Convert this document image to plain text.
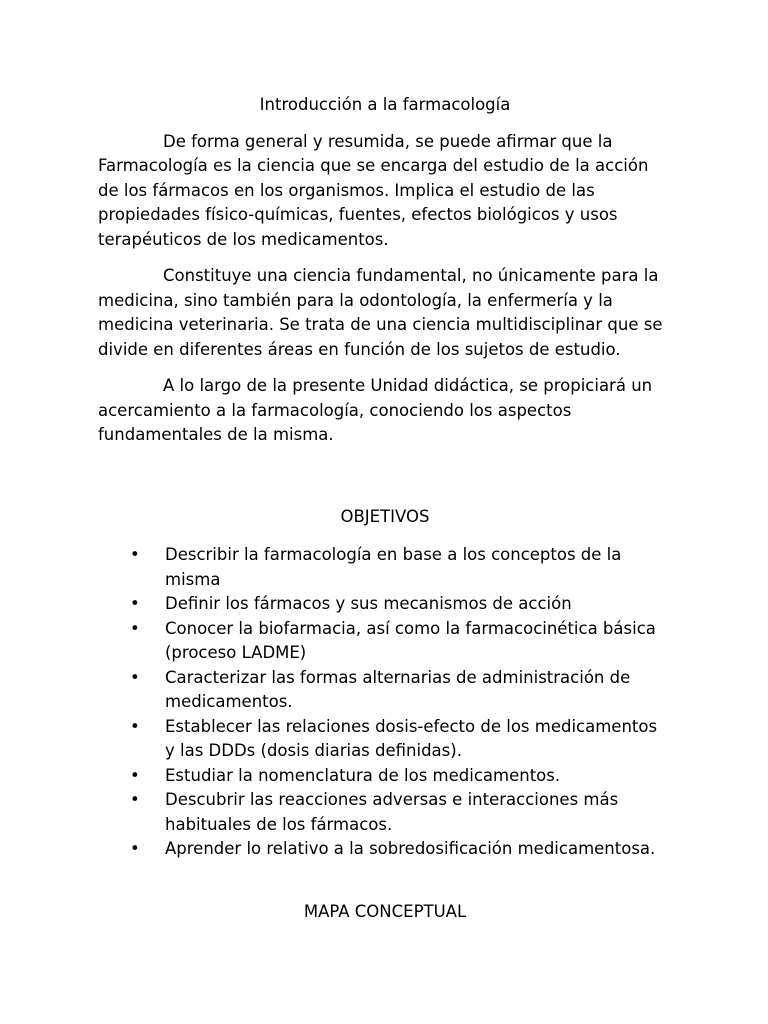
Introducción a la farmacología

De forma general y resumida, se puede afirmar que la Farmacología es la ciencia que se encarga del estudio de la acción de los fármacos en los organismos. Implica el estudio de las propiedades físico-químicas, fuentes, efectos biológicos y usos terapéuticos de los medicamentos.

Constituye una ciencia fundamental, no únicamente para la medicina, sino también para la odontología, la enfermería y la medicina veterinaria. Se trata de una ciencia multidisciplinar que se divide en diferentes áreas en función de los sujetos de estudio.

A lo largo de la presente Unidad didáctica, se propiciará un acercamiento a la farmacología, conociendo los aspectos fundamentales de la misma.

OBJETIVOS
• Describir la farmacología en base a los conceptos de la misma
• Definir los fármacos y sus mecanismos de acción
• Conocer la biofarmacia, así como la farmacocinética básica (proceso LADME)
• Caracterizar las formas alternarias de administración de medicamentos.
• Establecer las relaciones dosis-efecto de los medicamentos y las DDDs (dosis diarias definidas).
• Estudiar la nomenclatura de los medicamentos.
• Descubrir las reacciones adversas e interacciones más habituales de los fármacos.
• Aprender lo relativo a la sobredosificación medicamentosa.
MAPA CONCEPTUAL
